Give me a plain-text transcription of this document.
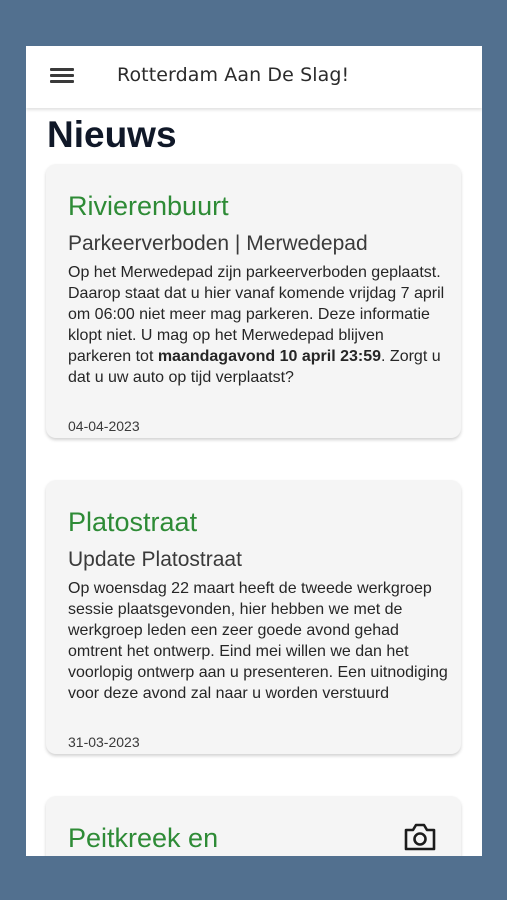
Rotterdam Aan De Slag!
Nieuws
Rivierenbuurt
Parkeerverboden | Merwedepad
Op het Merwedepad zijn parkeerverboden geplaatst. Daarop staat dat u hier vanaf komende vrijdag 7 april om 06:00 niet meer mag parkeren. Deze informatie klopt niet. U mag op het Merwedepad blijven parkeren tot maandagavond 10 april 23:59. Zorgt u dat u uw auto op tijd verplaatst?
04-04-2023
Platostraat
Update Platostraat
Op woensdag 22 maart heeft de tweede werkgroep sessie plaatsgevonden, hier hebben we met de werkgroep leden een zeer goede avond gehad omtrent het ontwerp. Eind mei willen we dan het voorlopig ontwerp aan u presenteren. Een uitnodiging voor deze avond zal naar u worden verstuurd
31-03-2023
Peitkreek en
